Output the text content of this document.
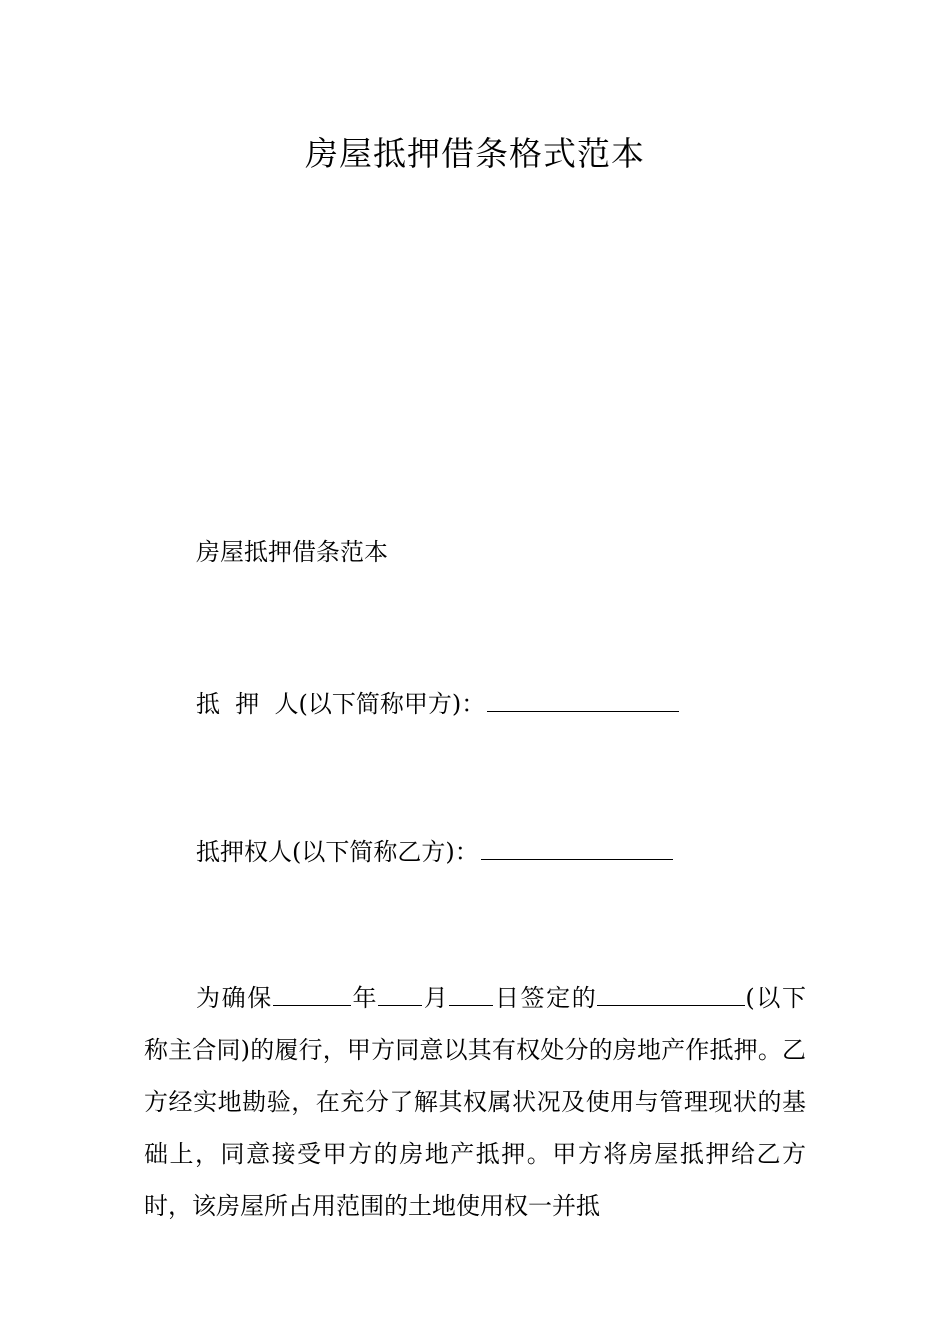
房屋抵押借条格式范本
房屋抵押借条范本
抵  押  人(以下简称甲方)：
抵押权人(以下简称乙方)：
为确保	年 月 日签定的	(以下称主合同)的履行，甲方同意以其有权处分的房地产作抵押。乙方经实地勘验，在充分了解其权属状况及使用与管理现状的基础上，同意接受甲方的房地产抵押。甲方将房屋抵押给乙方时，该房屋所占用范围的土地使用权一并抵
